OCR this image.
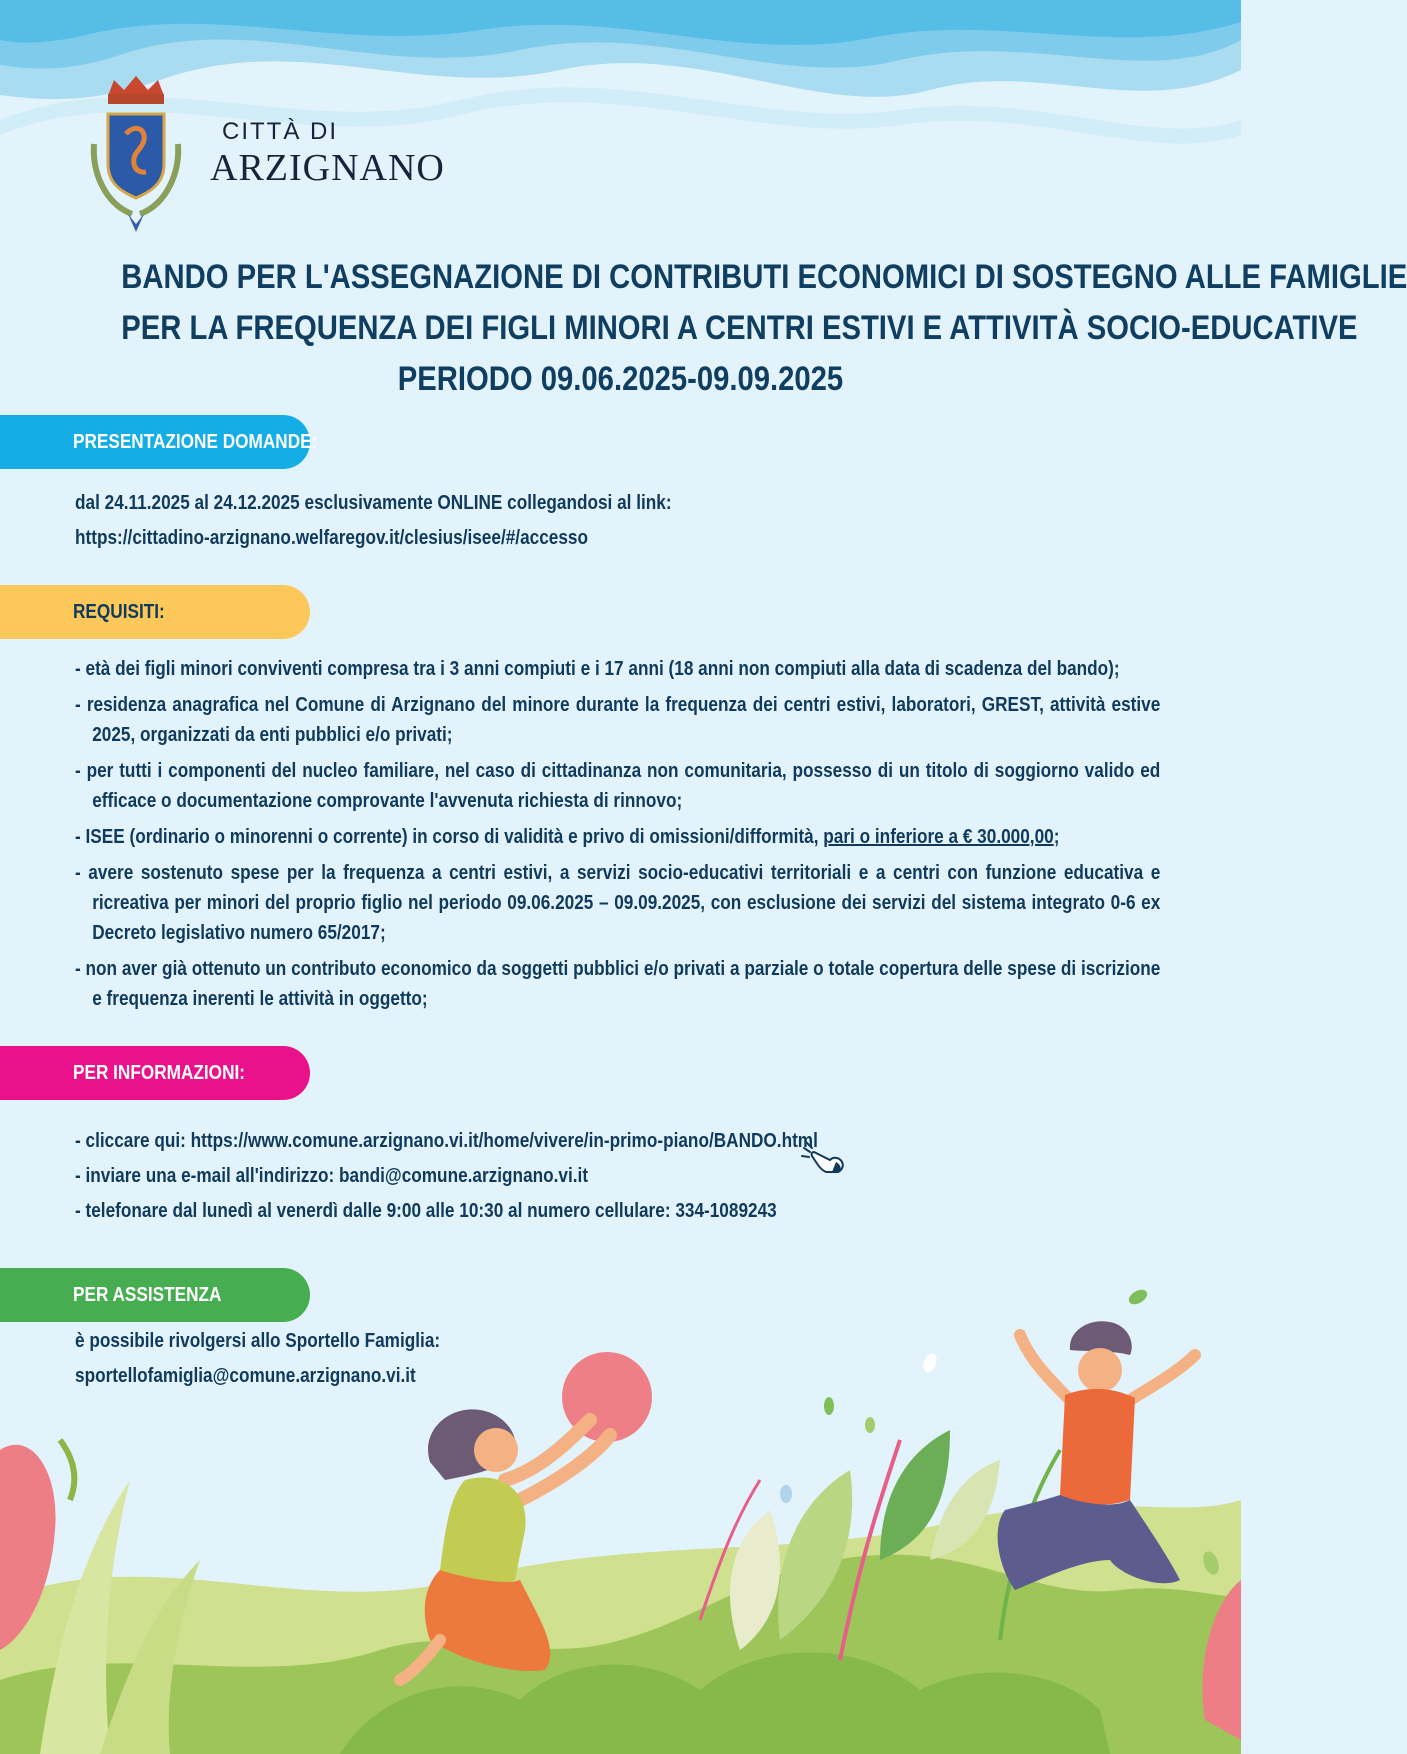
CITTÀ DI
ARZIGNANO
BANDO PER L'ASSEGNAZIONE DI CONTRIBUTI ECONOMICI DI SOSTEGNO ALLE FAMIGLIE
PER LA FREQUENZA DEI FIGLI MINORI A CENTRI ESTIVI E ATTIVITÀ SOCIO-EDUCATIVE
PERIODO 09.06.2025-09.09.2025
PRESENTAZIONE DOMANDE:
dal 24.11.2025 al 24.12.2025 esclusivamente ONLINE collegandosi al link:
https://cittadino-arzignano.welfaregov.it/clesius/isee/#/accesso
REQUISITI:

- età dei figli minori conviventi compresa tra i 3 anni compiuti e i 17 anni (18 anni non compiuti alla data di scadenza del bando);

- residenza anagrafica nel Comune di Arzignano del minore durante la frequenza dei centri estivi, laboratori, GREST, attività estive 2025, organizzati da enti pubblici e/o privati;

- per tutti i componenti del nucleo familiare, nel caso di cittadinanza non comunitaria, possesso di un titolo di soggiorno valido ed efficace o documentazione comprovante l'avvenuta richiesta di rinnovo;

- ISEE (ordinario o minorenni o corrente) in corso di validità e privo di omissioni/difformità, pari o inferiore a € 30.000,00;

- avere sostenuto spese per la frequenza a centri estivi, a servizi socio-educativi territoriali e a centri con funzione educativa e ricreativa per minori del proprio figlio nel periodo 09.06.2025 – 09.09.2025, con esclusione dei servizi del sistema integrato 0-6 ex Decreto legislativo numero 65/2017;

- non aver già ottenuto un contributo economico da soggetti pubblici e/o privati a parziale o totale copertura delle spese di iscrizione e frequenza inerenti le attività in oggetto;

PER INFORMAZIONI:
- cliccare qui: https://www.comune.arzignano.vi.it/home/vivere/in-primo-piano/BANDO.html
- inviare una e-mail all'indirizzo: bandi@comune.arzignano.vi.it
- telefonare dal lunedì al venerdì dalle 9:00 alle 10:30 al numero cellulare: 334-1089243
PER ASSISTENZA
è possibile rivolgersi allo Sportello Famiglia:
sportellofamiglia@comune.arzignano.vi.it
